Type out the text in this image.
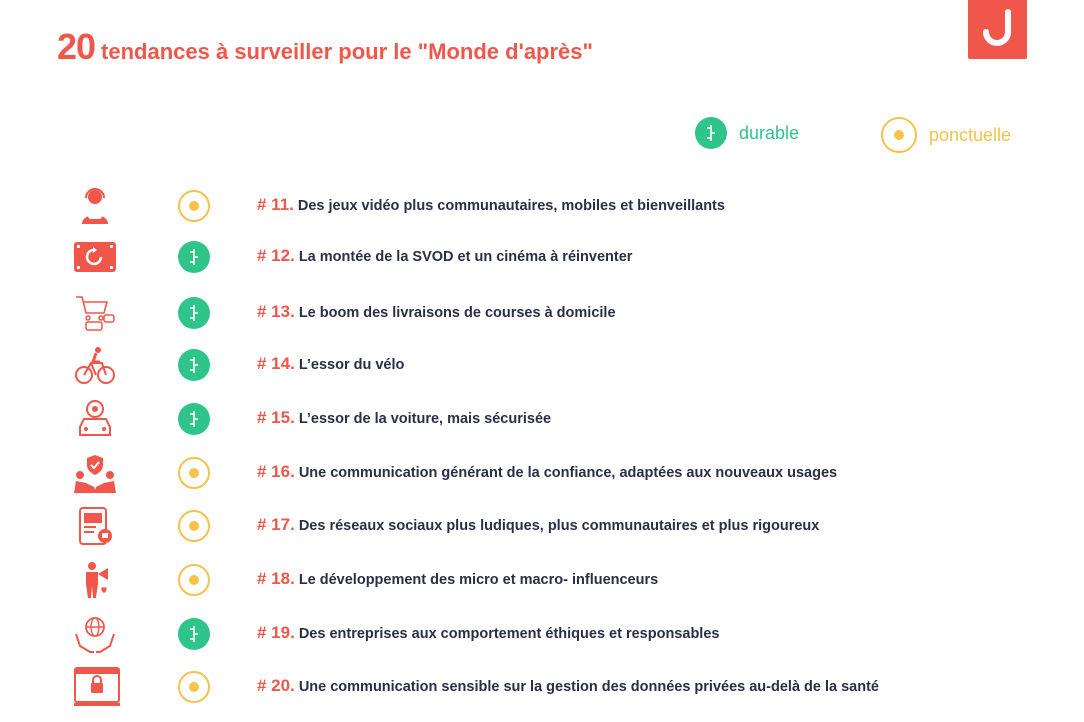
20 tendances à surveiller pour le "Monde d'après"
durable	ponctuelle
# 11. Des jeux vidéo plus communautaires, mobiles et bienveillants
# 12. La montée de la SVOD et un cinéma à réinventer
# 13. Le boom des livraisons de courses à domicile
# 14. L’essor du vélo
# 15. L’essor de la voiture, mais sécurisée
# 16. Une communication générant de la confiance, adaptées aux nouveaux usages
# 17. Des réseaux sociaux plus ludiques, plus communautaires et plus rigoureux
# 18. Le développement des micro et macro- influenceurs
# 19. Des entreprises aux comportement éthiques et responsables
# 20. Une communication sensible sur la gestion des données privées au-delà de la santé
